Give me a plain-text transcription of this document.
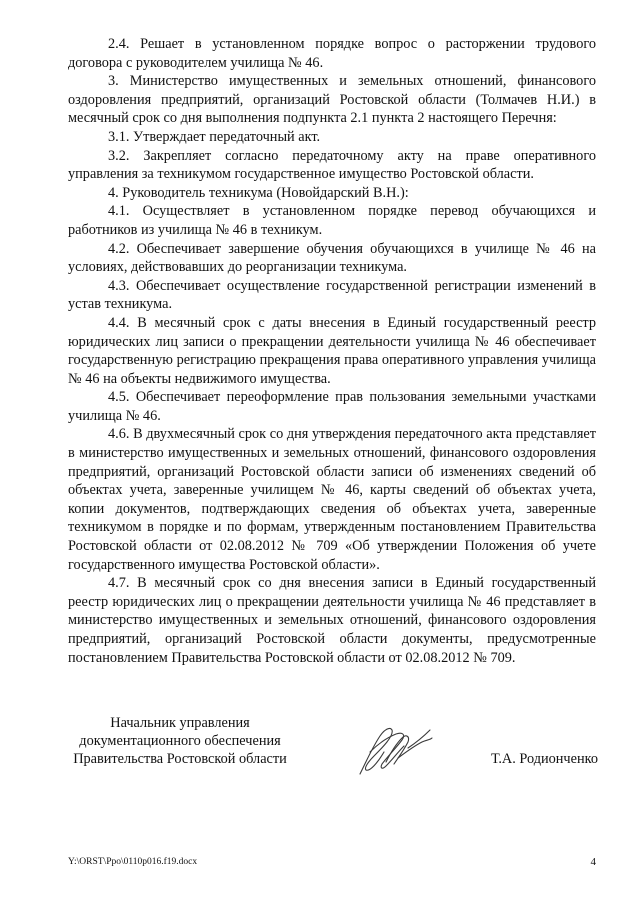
2.4. Решает в установленном порядке вопрос о расторжении трудового договора с руководителем училища № 46.

3. Министерство имущественных и земельных отношений, финансового оздоровления предприятий, организаций Ростовской области (Толмачев Н.И.) в месячный срок со дня выполнения подпункта 2.1 пункта 2 настоящего Перечня:

3.1. Утверждает передаточный акт.

3.2. Закрепляет согласно передаточному акту на праве оперативного управления за техникумом государственное имущество Ростовской области.

4. Руководитель техникума (Новойдарский В.Н.):

4.1. Осуществляет в установленном порядке перевод обучающихся и работников из училища № 46 в техникум.

4.2. Обеспечивает завершение обучения обучающихся в училище № 46 на условиях, действовавших до реорганизации техникума.

4.3. Обеспечивает осуществление государственной регистрации изменений в устав техникума.

4.4. В месячный срок с даты внесения в Единый государственный реестр юридических лиц записи о прекращении деятельности училища № 46 обеспечивает государственную регистрацию прекращения права оперативного управления училища № 46 на объекты недвижимого имущества.

4.5. Обеспечивает переоформление прав пользования земельными участками училища № 46.

4.6. В двухмесячный срок со дня утверждения передаточного акта представляет в министерство имущественных и земельных отношений, финансового оздоровления предприятий, организаций Ростовской области записи об изменениях сведений об объектах учета, заверенные училищем № 46, карты сведений об объектах учета, копии документов, подтверждающих сведения об объектах учета, заверенные техникумом в порядке и по формам, утвержденным постановлением Правительства Ростовской области от 02.08.2012 № 709 «Об утверждении Положения об учете государственного имущества Ростовской области».

4.7. В месячный срок со дня внесения записи в Единый государственный реестр юридических лиц о прекращении деятельности училища № 46 представляет в министерство имущественных и земельных отношений, финансового оздоровления предприятий, организаций Ростовской области документы, предусмотренные постановлением Правительства Ростовской области от 02.08.2012 № 709.

Начальник управления
документационного обеспечения
Правительства Ростовской области	Т.А. Родионченко
Y:\ORST\Ppo\0110p016.f19.docx	4
